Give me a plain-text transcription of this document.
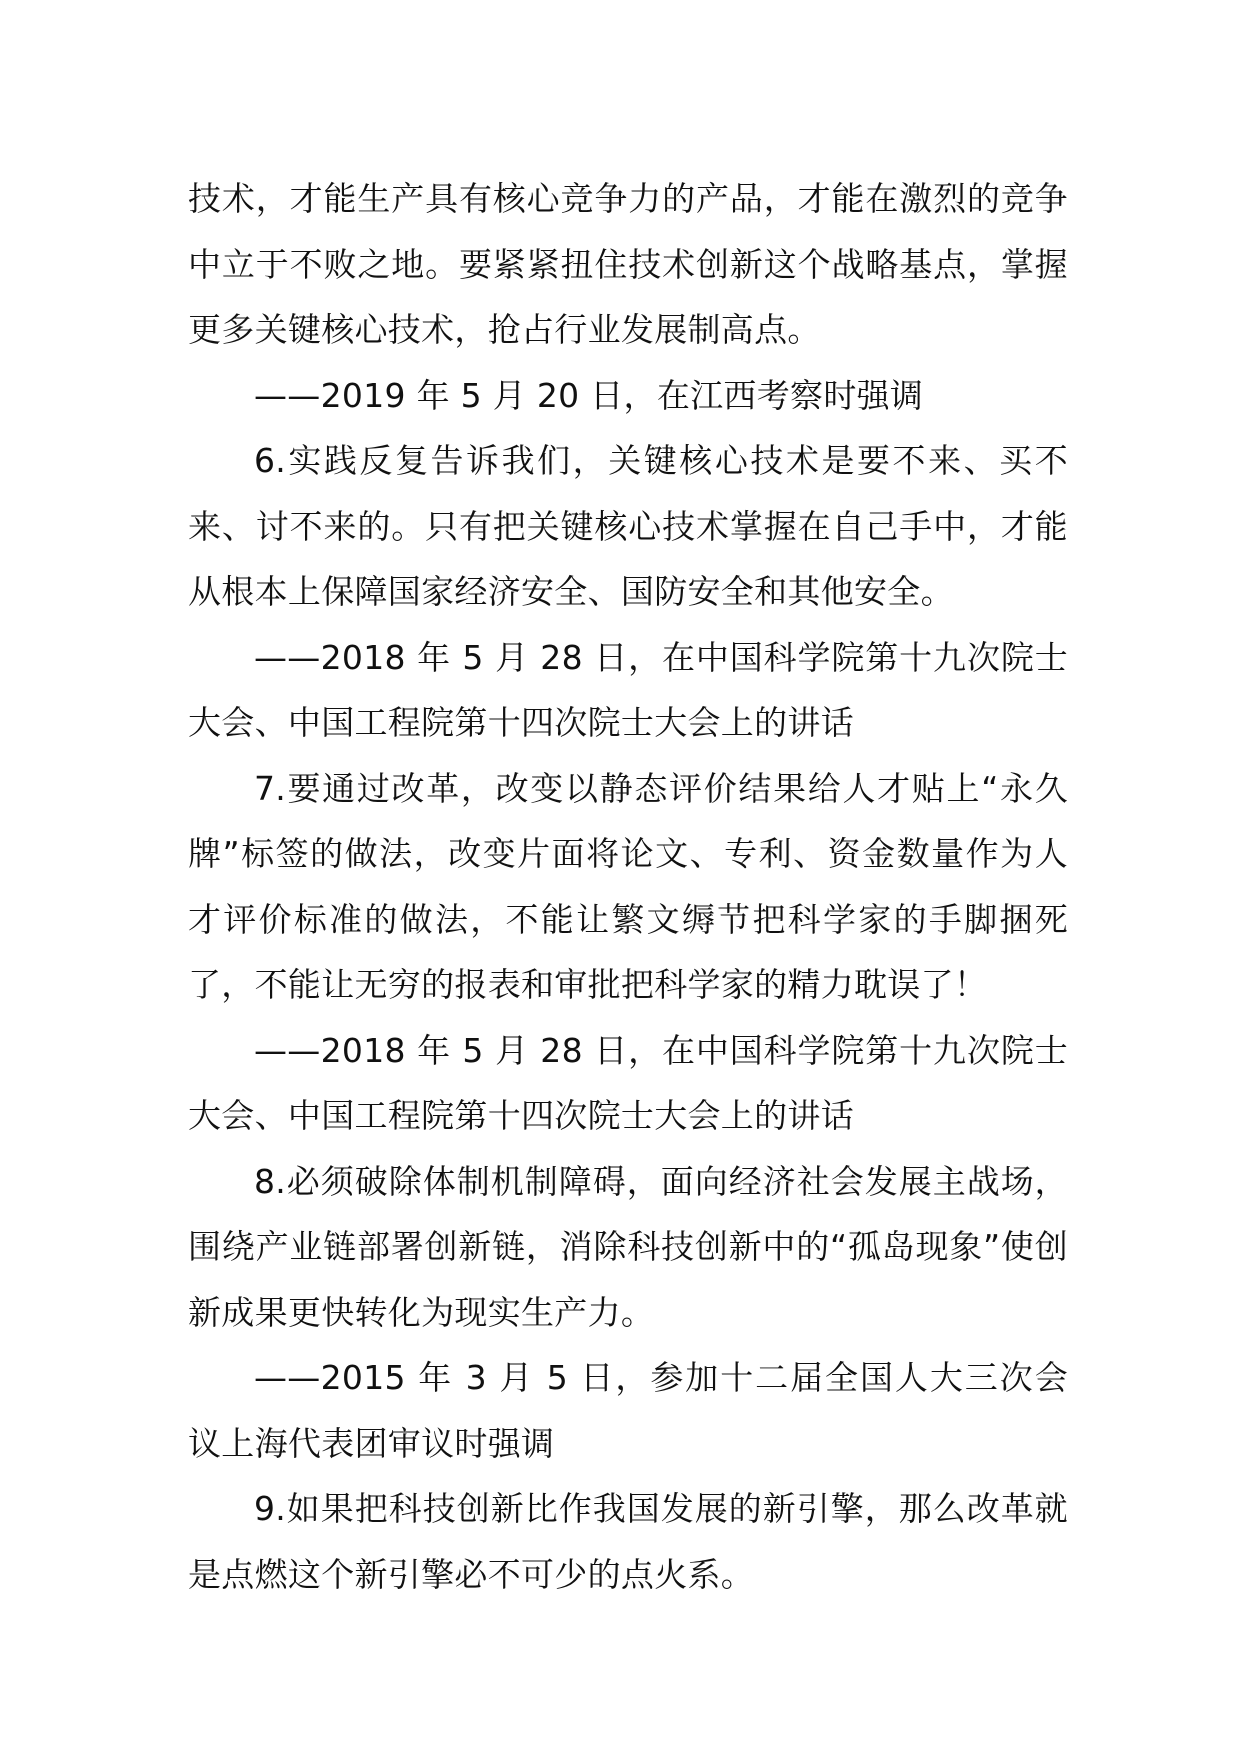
技术，才能生产具有核心竞争力的产品，才能在激烈的竞争中立于不败之地。要紧紧扭住技术创新这个战略基点，掌握更多关键核心技术，抢占行业发展制高点。

——2019 年 5 月 20 日，在江西考察时强调

6.实践反复告诉我们，关键核心技术是要不来、买不来、讨不来的。只有把关键核心技术掌握在自己手中，才能从根本上保障国家经济安全、国防安全和其他安全。

——2018 年 5 月 28 日，在中国科学院第十九次院士大会、中国工程院第十四次院士大会上的讲话

7.要通过改革，改变以静态评价结果给人才贴上“永久牌”标签的做法，改变片面将论文、专利、资金数量作为人才评价标准的做法，不能让繁文缛节把科学家的手脚捆死了，不能让无穷的报表和审批把科学家的精力耽误了！

——2018 年 5 月 28 日，在中国科学院第十九次院士大会、中国工程院第十四次院士大会上的讲话

8.必须破除体制机制障碍，面向经济社会发展主战场，围绕产业链部署创新链，消除科技创新中的“孤岛现象”使创新成果更快转化为现实生产力。

——2015 年 3 月 5 日，参加十二届全国人大三次会议上海代表团审议时强调

9.如果把科技创新比作我国发展的新引擎，那么改革就是点燃这个新引擎必不可少的点火系。
